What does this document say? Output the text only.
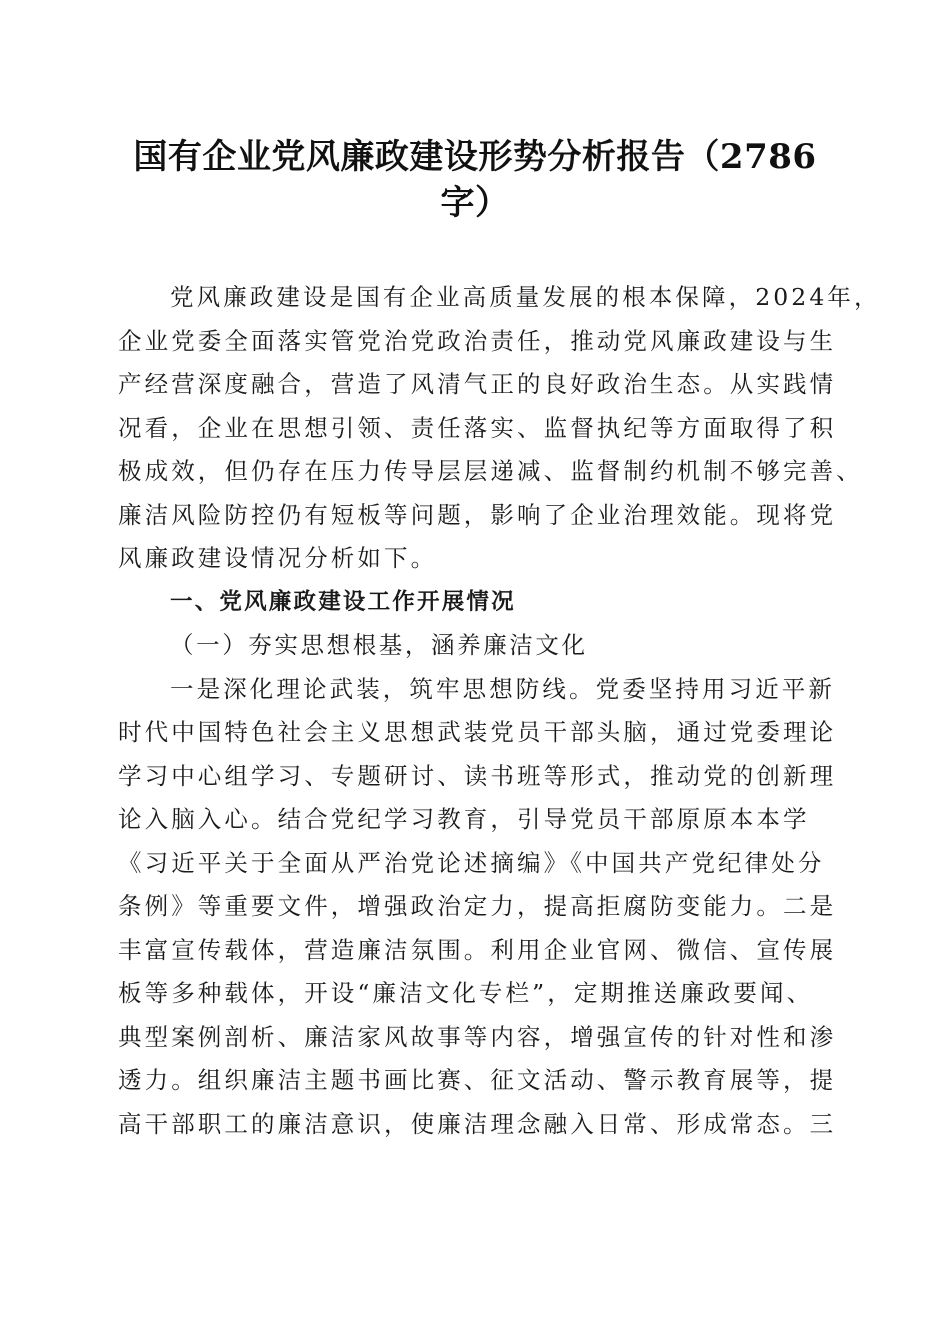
国有企业党风廉政建设形势分析报告（2786
字）
党风廉政建设是国有企业高质量发展的根本保障，2024年，
企业党委全面落实管党治党政治责任，推动党风廉政建设与生
产经营深度融合，营造了风清气正的良好政治生态。从实践情
况看，企业在思想引领、责任落实、监督执纪等方面取得了积
极成效，但仍存在压力传导层层递减、监督制约机制不够完善、
廉洁风险防控仍有短板等问题，影响了企业治理效能。现将党
风廉政建设情况分析如下。
一、党风廉政建设工作开展情况
（一）夯实思想根基，涵养廉洁文化
一是深化理论武装，筑牢思想防线。党委坚持用习近平新
时代中国特色社会主义思想武装党员干部头脑，通过党委理论
学习中心组学习、专题研讨、读书班等形式，推动党的创新理
论入脑入心。结合党纪学习教育，引导党员干部原原本本学
《习近平关于全面从严治党论述摘编》《中国共产党纪律处分
条例》等重要文件，增强政治定力，提高拒腐防变能力。二是
丰富宣传载体，营造廉洁氛围。利用企业官网、微信、宣传展
板等多种载体，开设“廉洁文化专栏”，定期推送廉政要闻、
典型案例剖析、廉洁家风故事等内容，增强宣传的针对性和渗
透力。组织廉洁主题书画比赛、征文活动、警示教育展等，提
高干部职工的廉洁意识，使廉洁理念融入日常、形成常态。三
